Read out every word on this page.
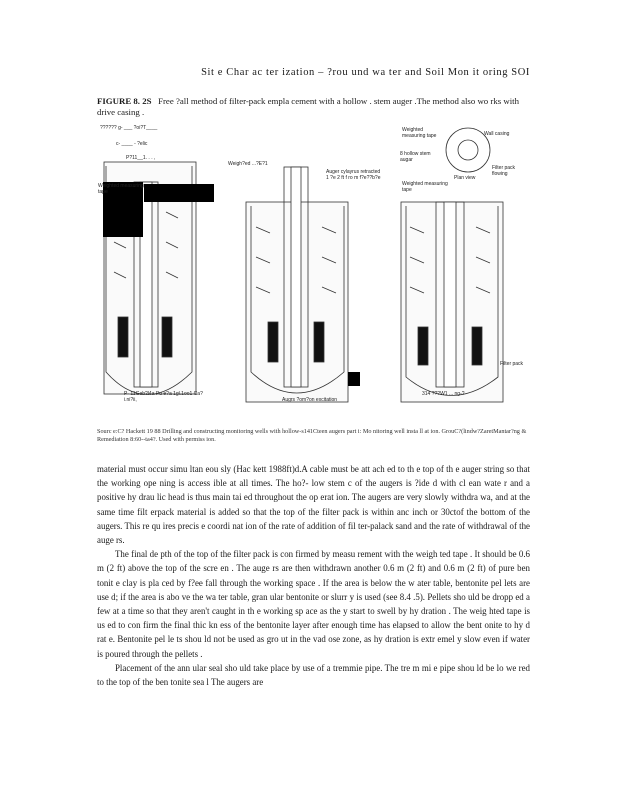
Sit e Char ac ter ization – ?rou und wa ter and Soil Mon it oring SOI
FIGURE 8. 2S Free ?all method of filter-pack empla cement with a hollow . stem auger .The method also wo rks with drive casing .
?????? g- ___ ?oi?T____
c- ____ - ?elic
P?11__1. . . ,
Weighted measuring tape
P- 11Gab?l4a Pu e?a 1gl.1oo1 Ca?i.ni?ii,
Weigh?ed ...?E?1
Auger cylayrus retracted 1 ?e 2 ft f ro m f?e??b?e
Augrs ?om?on excitation
Weighted measuring tape
8 hollow stem augar
Weighted measuring tape
Plan view
Wall casing
Filter pack flowing
Filter pack
314 ???W1 ... ng-?
Sourc e:C? Hackett 19 88 Drilling and constructing monitoring wells with hollow-s141Cteen augers part i: Mo nitoring well insta ll at ion. GrouC?(lindw?ZaretMantar?ng & Remediation 8:60--ta4?. Used with permiss ion.

material must occur simu ltan eou sly (Hac kett 1988ft)d.A cable must be att ach ed to th e top of th e auger string so that the working ope ning is access ible at all times. The ho?- low stem c of the augers is ?ide d with cl ean wate r and a positive hy drau lic head is thus main tai ed throughout the op erat ion. The augers are very slowly withdra wa, and at the same time filt erpack material is added so that the top of the filter pack is within anc inch or 30ctof the bottom of the augers. This re qu ires precis e coordi nat ion of the rate of addition of fil ter-palack sand and the rate of withdrawal of the auge rs.

The final de pth of the top of the filter pack is con firmed by measu rement with the weigh ted tape . It should be 0.6 m (2 ft) above the top of the scre en . The auge rs are then withdrawn another 0.6 m (2 ft) and 0.6 m (2 ft) of pure ben tonit e clay is pla ced by f?ee fall through the working space . If the area is below the w ater table, bentonite pel lets are use d; if the area is abo ve the wa ter table, gran ular bentonite or slurr y is used (see 8.4 .5). Pellets sho uld be dropp ed a few at a time so that they aren't caught in th e working sp ace as the y start to swell by hy dration . The weig hted tape is us ed to con firm the final thic kn ess of the bentonite layer after enough time has elapsed to allow the bent onite to hy d rat e. Bentonite pel le ts shou ld not be used as gro ut in the vad ose zone, as hy dration is extr emel y slow even if water is poured through the pellets .

Placement of the ann ular seal sho uld take place by use of a tremmie pipe. The tre m mi e pipe shou ld be lo we red to the top of the ben tonite sea l The augers are
